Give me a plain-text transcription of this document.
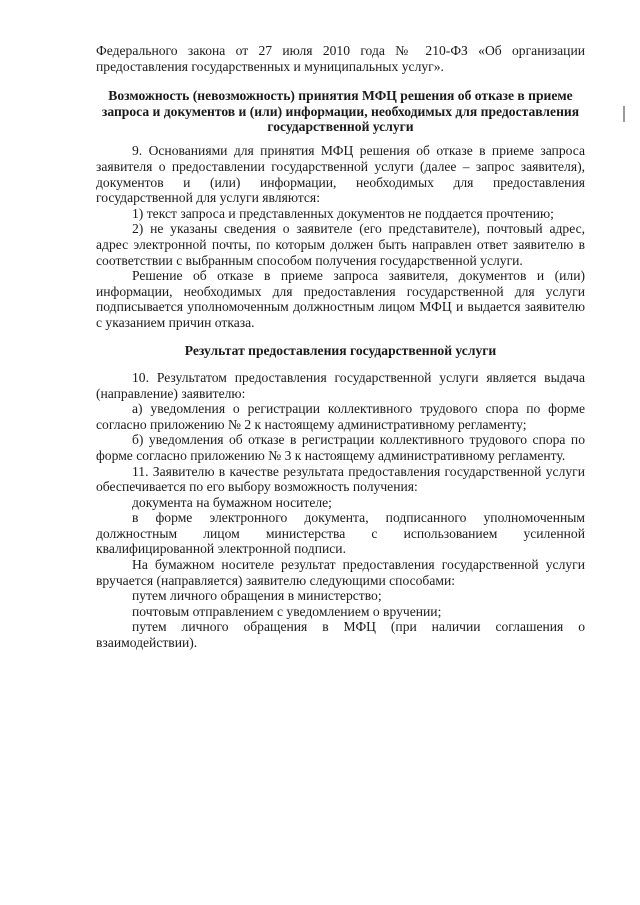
Федерального закона от 27 июля 2010 года № 210-ФЗ «Об организации предоставления государственных и муниципальных услуг».

Возможность (невозможность) принятия МФЦ решения об отказе в приеме запроса и документов и (или) информации, необходимых для предоставления государственной услуги

9. Основаниями для принятия МФЦ решения об отказе в приеме запроса заявителя о предоставлении государственной услуги (далее – запрос заявителя), документов и (или) информации, необходимых для предоставления государственной для услуги являются:

1) текст запроса и представленных документов не поддается прочтению;

2) не указаны сведения о заявителе (его представителе), почтовый адрес, адрес электронной почты, по которым должен быть направлен ответ заявителю в соответствии с выбранным способом получения государственной услуги.

Решение об отказе в приеме запроса заявителя, документов и (или) информации, необходимых для предоставления государственной для услуги подписывается уполномоченным должностным лицом МФЦ и выдается заявителю с указанием причин отказа.

Результат предоставления государственной услуги

10. Результатом предоставления государственной услуги является выдача (направление) заявителю:

а) уведомления о регистрации коллективного трудового спора по форме согласно приложению № 2 к настоящему административному регламенту;

б) уведомления об отказе в регистрации коллективного трудового спора по форме согласно приложению № 3 к настоящему административному регламенту.

11. Заявителю в качестве результата предоставления государственной услуги обеспечивается по его выбору возможность получения:

документа на бумажном носителе;

в форме электронного документа, подписанного уполномоченным должностным лицом министерства с использованием усиленной квалифицированной электронной подписи.

На бумажном носителе результат предоставления государственной услуги вручается (направляется) заявителю следующими способами:

путем личного обращения в министерство;

почтовым отправлением с уведомлением о вручении;

путем личного обращения в МФЦ (при наличии соглашения о взаимодействии).
